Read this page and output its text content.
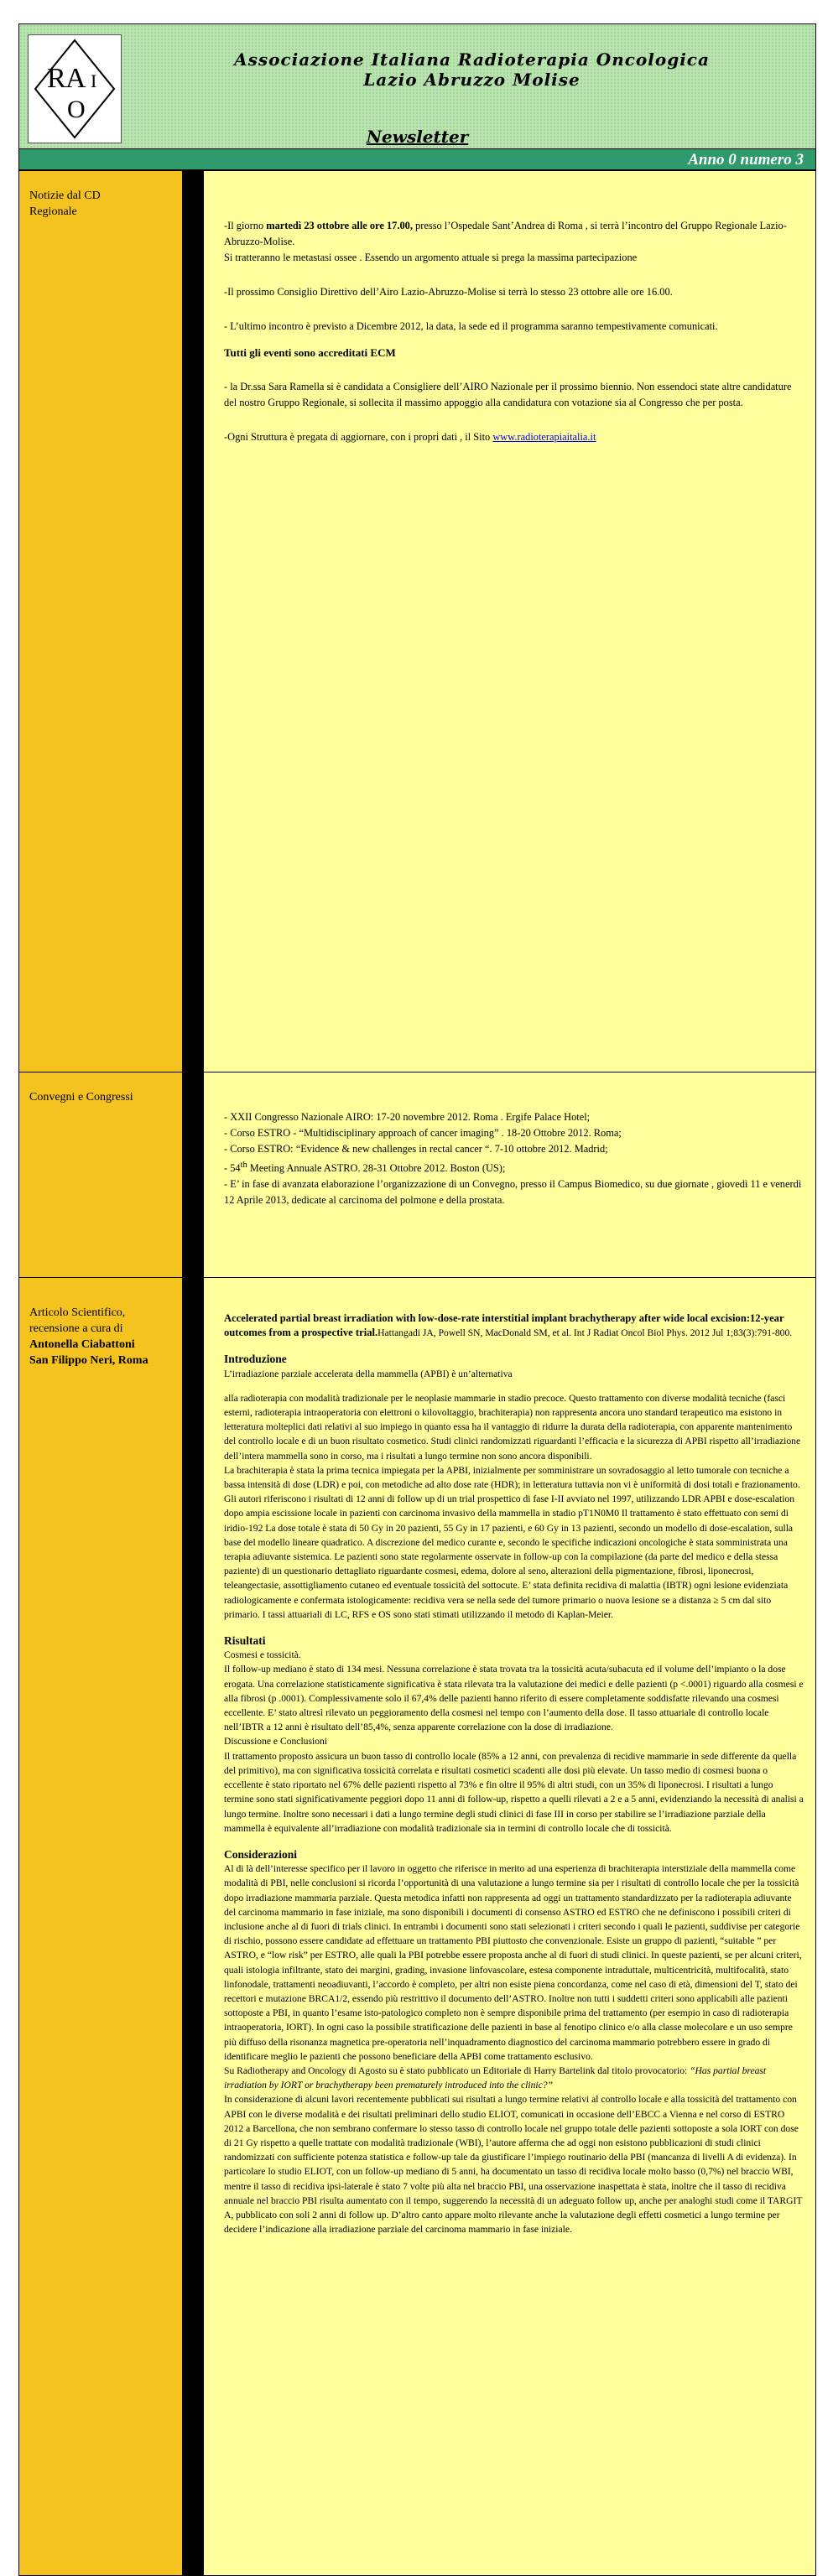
R A I
O
Associazione Italiana Radioterapia Oncologica
Lazio Abruzzo Molise
Newsletter
Anno 0 numero 3
Notizie dal CD
Regionale

-Il giorno martedì 23 ottobre alle ore 17.00, presso l’Ospedale Sant’Andrea di Roma , si terrà l’incontro del Gruppo Regionale Lazio-Abruzzo-Molise.
Si tratteranno le metastasi ossee . Essendo un argomento attuale si prega la massima partecipazione

-Il prossimo Consiglio Direttivo dell’Airo Lazio-Abruzzo-Molise si terrà lo stesso 23 ottobre alle ore 16.00.

- L’ultimo incontro è previsto a Dicembre 2012, la data, la sede ed il programma saranno tempestivamente comunicati.

Tutti gli eventi sono accreditati ECM

- la Dr.ssa Sara Ramella si è candidata a Consigliere dell’AIRO Nazionale per il prossimo biennio. Non essendoci state altre candidature del nostro Gruppo Regionale, si sollecita il massimo appoggio alla candidatura con votazione sia al Congresso che per posta.

-Ogni Struttura è pregata di aggiornare, con i propri dati , il Sito www.radioterapiaitalia.it

Convegni e Congressi
- XXII Congresso Nazionale AIRO: 17-20 novembre 2012. Roma . Ergife Palace Hotel;
- Corso ESTRO - “Multidisciplinary approach of cancer imaging” . 18-20 Ottobre 2012. Roma;
- Corso ESTRO: “Evidence & new challenges in rectal cancer “. 7-10 ottobre 2012. Madrid;
- 54th Meeting Annuale ASTRO. 28-31 Ottobre 2012. Boston (US);
- E’ in fase di avanzata elaborazione l’organizzazione di un Convegno, presso il Campus Biomedico, su due giornate , giovedì 11 e venerdì 12 Aprile 2013, dedicate al carcinoma del polmone e della prostata.
Articolo Scientifico,
recensione a cura di
Antonella Ciabattoni
San Filippo Neri, Roma

Accelerated partial breast irradiation with low-dose-rate interstitial implant brachytherapy after wide local excision:12-year outcomes from a prospective trial.Hattangadi JA, Powell SN, MacDonald SM, et al. Int J Radiat Oncol Biol Phys. 2012 Jul 1;83(3):791-800.

Introduzione

L’irradiazione parziale accelerata della mammella (APBI) è un’alternativa

alla radioterapia con modalità tradizionale per le neoplasie mammarie in stadio precoce. Questo trattamento con diverse modalità tecniche (fasci esterni, radioterapia intraoperatoria con elettroni o kilovoltaggio, brachiterapia) non rappresenta ancora uno standard terapeutico ma esistono in letteratura molteplici dati relativi al suo impiego in quanto essa ha il vantaggio di ridurre la durata della radioterapia, con apparente mantenimento del controllo locale e di un buon risultato cosmetico. Studi clinici randomizzati riguardanti l’efficacia e la sicurezza di APBI rispetto all’irradiazione dell’intera mammella sono in corso, ma i risultati a lungo termine non sono ancora disponibili.

La brachiterapia è stata la prima tecnica impiegata per la APBI, inizialmente per somministrare un sovradosaggio al letto tumorale con tecniche a bassa intensità di dose (LDR) e poi, con metodiche ad alto dose rate (HDR); in letteratura tuttavia non vi è uniformità di dosi totali e frazionamento.

Gli autori riferiscono i risultati di 12 anni di follow up di un trial prospettico di fase I-II avviato nel 1997, utilizzando LDR APBI e dose-escalation dopo ampia escissione locale in pazienti con carcinoma invasivo della mammella in stadio pT1N0M0 Il trattamento è stato effettuato con semi di iridio-192 La dose totale è stata di 50 Gy in 20 pazienti, 55 Gy in 17 pazienti, e 60 Gy in 13 pazienti, secondo un modello di dose-escalation, sulla base del modello lineare quadratico. A discrezione del medico curante e, secondo le specifiche indicazioni oncologiche è stata somministrata una terapia adiuvante sistemica. Le pazienti sono state regolarmente osservate in follow-up con la compilazione (da parte del medico e della stessa paziente) di un questionario dettagliato riguardante cosmesi, edema, dolore al seno, alterazioni della pigmentazione, fibrosi, liponecrosi, teleangectasie, assottigliamento cutaneo ed eventuale tossicità del sottocute. E’ stata definita recidiva di malattia (IBTR) ogni lesione evidenziata radiologicamente e confermata istologicamente: recidiva vera se nella sede del tumore primario o nuova lesione se a distanza ≥ 5 cm dal sito primario. I tassi attuariali di LC, RFS e OS sono stati stimati utilizzando il metodo di Kaplan-Meier.

Risultati

Cosmesi e tossicità.

Il follow-up mediano è stato di 134 mesi. Nessuna correlazione è stata trovata tra la tossicità acuta/subacuta ed il volume dell’impianto o la dose erogata. Una correlazione statisticamente significativa è stata rilevata tra la valutazione dei medici e delle pazienti (p <.0001) riguardo alla cosmesi e alla fibrosi (p .0001). Complessivamente solo il 67,4% delle pazienti hanno riferito di essere completamente soddisfatte rilevando una cosmesi eccellente. E’ stato altresì rilevato un peggioramento della cosmesi nel tempo con l’aumento della dose. Il tasso attuariale di controllo locale nell’IBTR a 12 anni è risultato dell’85,4%, senza apparente correlazione con la dose di irradiazione.

Discussione e Conclusioni

Il trattamento proposto assicura un buon tasso di controllo locale (85% a 12 anni, con prevalenza di recidive mammarie in sede differente da quella del primitivo), ma con significativa tossicità correlata e risultati cosmetici scadenti alle dosi più elevate. Un tasso medio di cosmesi buona o eccellente è stato riportato nel 67% delle pazienti rispetto al 73% e fin oltre il 95% di altri studi, con un 35% di liponecrosi. I risultati a lungo termine sono stati significativamente peggiori dopo 11 anni di follow-up, rispetto a quelli rilevati a 2 e a 5 anni, evidenziando la necessità di analisi a lungo termine. Inoltre sono necessari i dati a lungo termine degli studi clinici di fase III in corso per stabilire se l’irradiazione parziale della mammella è equivalente all’irradiazione con modalità tradizionale sia in termini di controllo locale che di tossicità.

Considerazioni

Al di là dell’interesse specifico per il lavoro in oggetto che riferisce in merito ad una esperienza di brachiterapia interstiziale della mammella come modalità di PBI, nelle conclusioni si ricorda l’opportunità di una valutazione a lungo termine sia per i risultati di controllo locale che per la tossicità dopo irradiazione mammaria parziale. Questa metodica infatti non rappresenta ad oggi un trattamento standardizzato per la radioterapia adiuvante del carcinoma mammario in fase iniziale, ma sono disponibili i documenti di consenso ASTRO ed ESTRO che ne definiscono i possibili criteri di inclusione anche al di fuori di trials clinici. In entrambi i documenti sono stati selezionati i criteri secondo i quali le pazienti, suddivise per categorie di rischio, possono essere candidate ad effettuare un trattamento PBI piuttosto che convenzionale. Esiste un gruppo di pazienti, “suitable ” per ASTRO, e “low risk” per ESTRO, alle quali la PBI potrebbe essere proposta anche al di fuori di studi clinici. In queste pazienti, se per alcuni criteri, quali istologia infiltrante, stato dei margini, grading, invasione linfovascolare, estesa componente intraduttale, multicentricità, multifocalità, stato linfonodale, trattamenti neoadiuvanti, l’accordo è completo, per altri non esiste piena concordanza, come nel caso di età, dimensioni del T, stato dei recettori e mutazione BRCA1/2, essendo più restrittivo il documento dell’ASTRO. Inoltre non tutti i suddetti criteri sono applicabili alle pazienti sottoposte a PBI, in quanto l’esame isto-patologico completo non è sempre disponibile prima del trattamento (per esempio in caso di radioterapia intraoperatoria, IORT). In ogni caso la possibile stratificazione delle pazienti in base al fenotipo clinico e/o alla classe molecolare e un uso sempre più diffuso della risonanza magnetica pre-operatoria nell’inquadramento diagnostico del carcinoma mammario potrebbero essere in grado di identificare meglio le pazienti che possono beneficiare della APBI come trattamento esclusivo.

Su Radiotherapy and Oncology di Agosto su è stato pubblicato un Editoriale di Harry Bartelink dal titolo provocatorio: “Has partial breast irradiation by IORT or brachytherapy been prematurely introduced into the clinic?”

In considerazione di alcuni lavori recentemente pubblicati sui risultati a lungo termine relativi al controllo locale e alla tossicità del trattamento con APBI con le diverse modalità e dei risultati preliminari dello studio ELIOT, comunicati in occasione dell’EBCC a Vienna e nel corso di ESTRO 2012 a Barcellona, che non sembrano confermare lo stesso tasso di controllo locale nel gruppo totale delle pazienti sottoposte a sola IORT con dose di 21 Gy rispetto a quelle trattate con modalità tradizionale (WBI), l’autore afferma che ad oggi non esistono pubblicazioni di studi clinici randomizzati con sufficiente potenza statistica e follow-up tale da giustificare l’impiego routinario della PBI (mancanza di livelli A di evidenza). In particolare lo studio ELIOT, con un follow-up mediano di 5 anni, ha documentato un tasso di recidiva locale molto basso (0,7%) nel braccio WBI, mentre il tasso di recidiva ipsi-laterale è stato 7 volte più alta nel braccio PBI, una osservazione inaspettata è stata, inoltre che il tasso di recidiva annuale nel braccio PBI risulta aumentato con il tempo, suggerendo la necessità di un adeguato follow up, anche per analoghi studi come il TARGIT A, pubblicato con soli 2 anni di follow up. D’altro canto appare molto rilevante anche la valutazione degli effetti cosmetici a lungo termine per decidere l’indicazione alla irradiazione parziale del carcinoma mammario in fase iniziale.
